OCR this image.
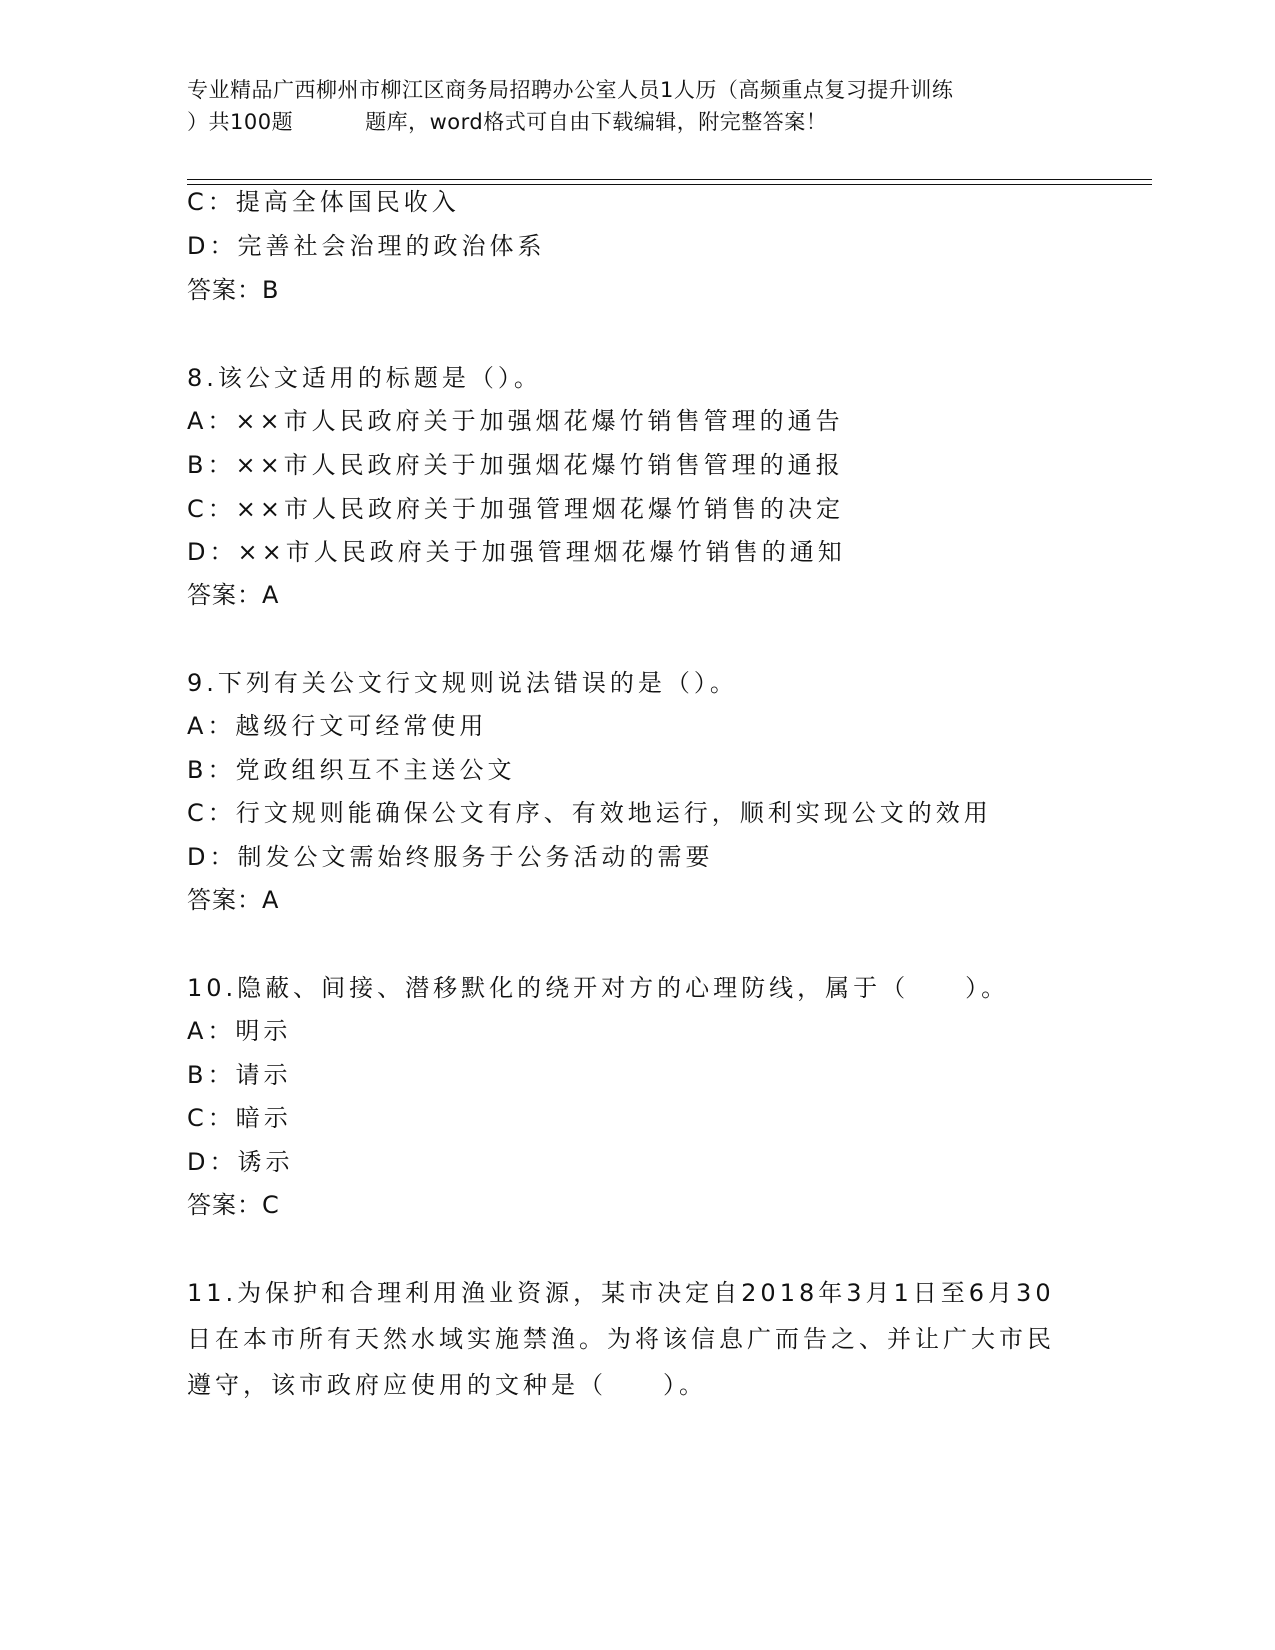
专业精品广西柳州市柳江区商务局招聘办公室人员1人历（高频重点复习提升训练
）共100题	题库，word格式可自由下载编辑，附完整答案！
C：提高全体国民收入
D：完善社会治理的政治体系
答案：B
8.该公文适用的标题是（）。
A：××市人民政府关于加强烟花爆竹销售管理的通告
B：××市人民政府关于加强烟花爆竹销售管理的通报
C：××市人民政府关于加强管理烟花爆竹销售的决定
D：××市人民政府关于加强管理烟花爆竹销售的通知
答案：A
9.下列有关公文行文规则说法错误的是（）。
A：越级行文可经常使用
B：党政组织互不主送公文
C：行文规则能确保公文有序、有效地运行，顺利实现公文的效用
D：制发公文需始终服务于公务活动的需要
答案：A
10.隐蔽、间接、潜移默化的绕开对方的心理防线，属于（　　）。
A：明示
B：请示
C：暗示
D：诱示
答案：C
11.为保护和合理利用渔业资源，某市决定自2018年3月1日至6月30日在本市所有天然水域实施禁渔。为将该信息广而告之、并让广大市民遵守，该市政府应使用的文种是（　　）。
